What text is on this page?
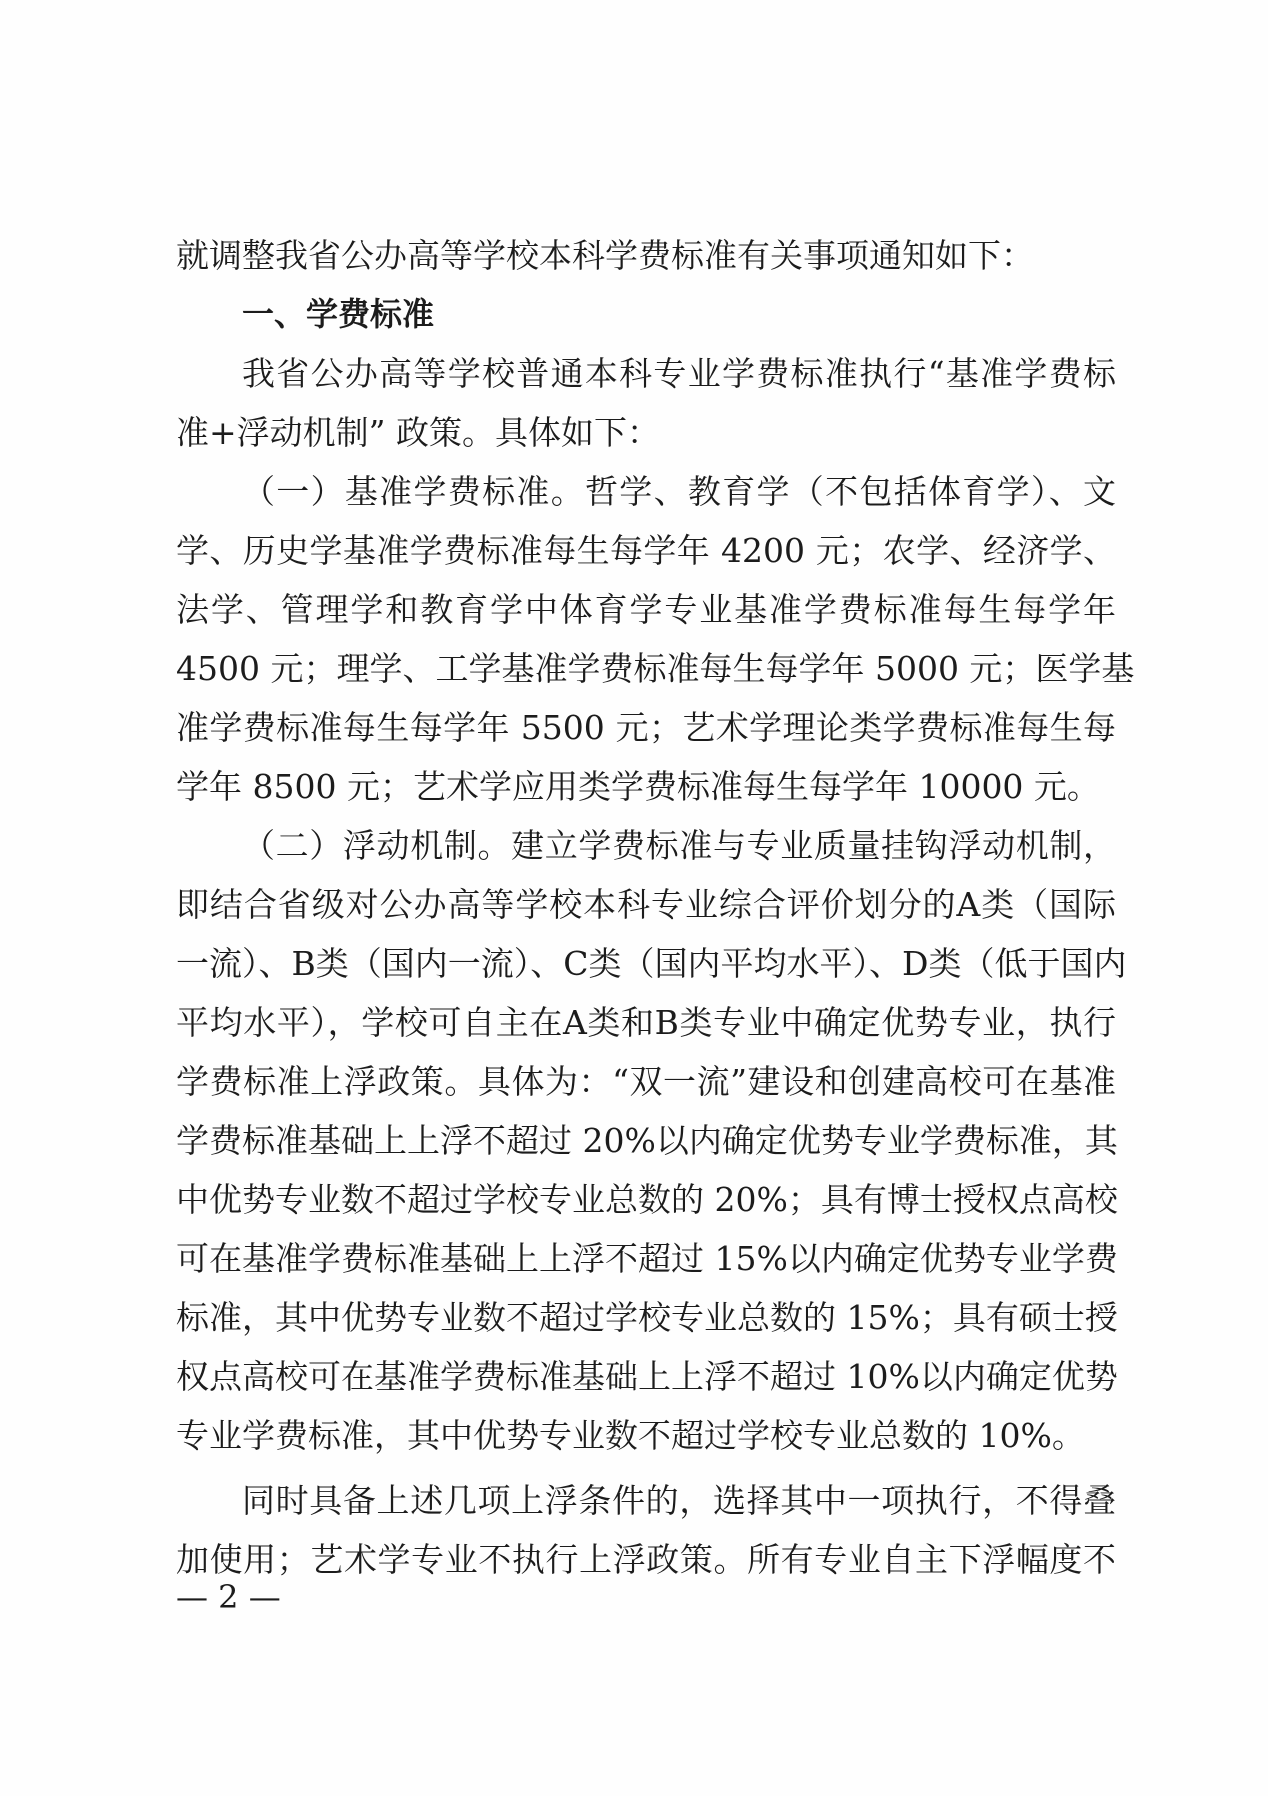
就调整我省公办高等学校本科学费标准有关事项通知如下：
一、学费标准
我省公办高等学校普通本科专业学费标准执行“基准学费标
准+浮动机制” 政策。具体如下：
（一）基准学费标准。哲学、教育学（不包括体育学）、文
学、历史学基准学费标准每生每学年 4200 元；农学、经济学、
法学、管理学和教育学中体育学专业基准学费标准每生每学年
4500 元；理学、工学基准学费标准每生每学年 5000 元；医学基
准学费标准每生每学年 5500 元；艺术学理论类学费标准每生每
学年 8500 元；艺术学应用类学费标准每生每学年 10000 元。
（二）浮动机制。建立学费标准与专业质量挂钩浮动机制，
即结合省级对公办高等学校本科专业综合评价划分的A类（国际
一流）、B类（国内一流）、C类（国内平均水平）、D类（低于国内
平均水平），学校可自主在A类和B类专业中确定优势专业，执行
学费标准上浮政策。具体为：“双一流”建设和创建高校可在基准
学费标准基础上上浮不超过 20%以内确定优势专业学费标准，其
中优势专业数不超过学校专业总数的 20%；具有博士授权点高校
可在基准学费标准基础上上浮不超过 15%以内确定优势专业学费
标准，其中优势专业数不超过学校专业总数的 15%；具有硕士授
权点高校可在基准学费标准基础上上浮不超过 10%以内确定优势
专业学费标准，其中优势专业数不超过学校专业总数的 10%。
同时具备上述几项上浮条件的，选择其中一项执行，不得叠
加使用；艺术学专业不执行上浮政策。所有专业自主下浮幅度不
— 2 —
